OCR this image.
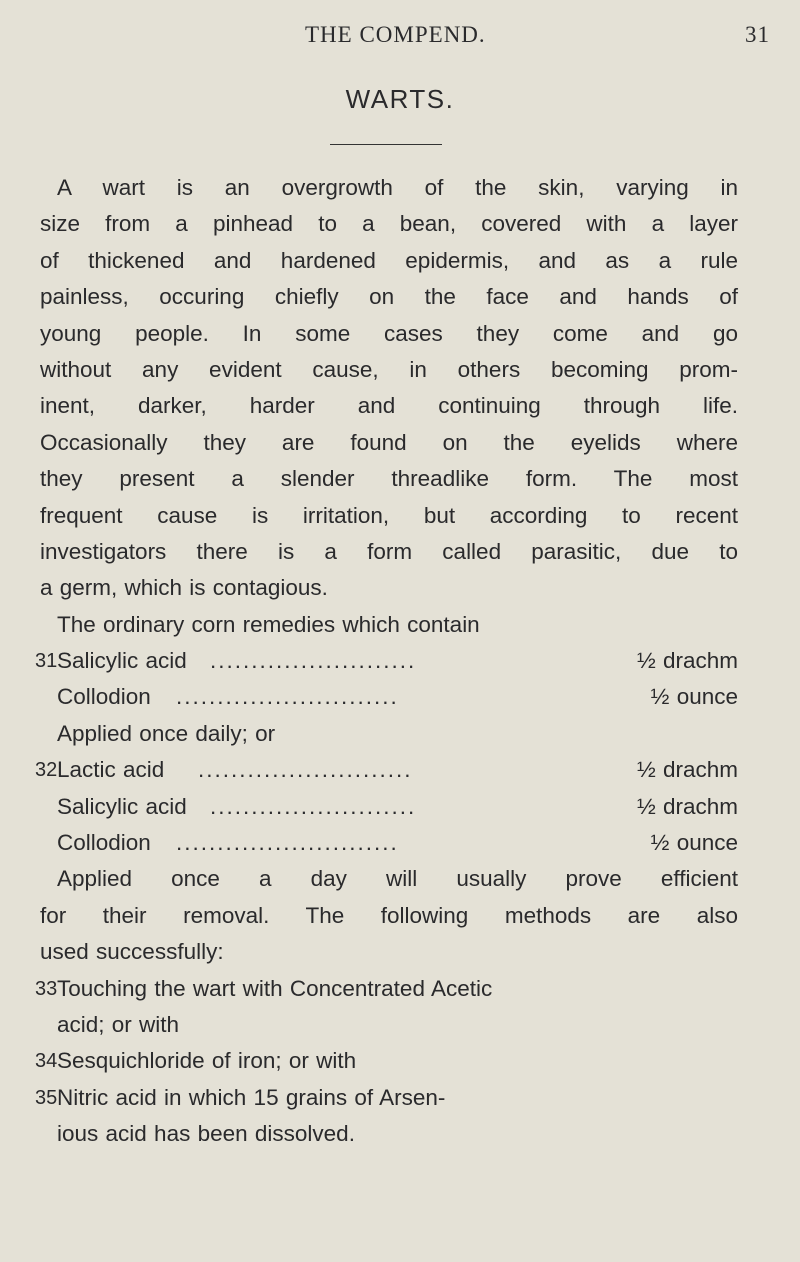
THE COMPEND.	31
WARTS.
A wart is an overgrowth of the skin, varying in
size from a pinhead to a bean, covered with a layer
of thickened and hardened epidermis, and as a rule
painless, occuring chiefly on the face and hands of
young people. In some cases they come and go
without any evident cause, in others becoming prom-
inent, darker, harder and continuing through life.
Occasionally they are found on the eyelids where
they present a slender threadlike form. The most
frequent cause is irritation, but according to recent
investigators there is a form called parasitic, due to
a germ, which is contagious.
The ordinary corn remedies which contain
31 Salicylic acid .........................	½ drachm
Collodion ...........................	½ ounce
Applied once daily; or
32 Lactic acid ..........................	½ drachm
Salicylic acid .........................	½ drachm
Collodion ...........................	½ ounce
Applied once a day will usually prove efficient
for their removal. The following methods are also
used successfully:
33 Touching the wart with Concentrated Acetic
acid; or with
34 Sesquichloride of iron; or with
35 Nitric acid in which 15 grains of Arsen-
ious acid has been dissolved.
